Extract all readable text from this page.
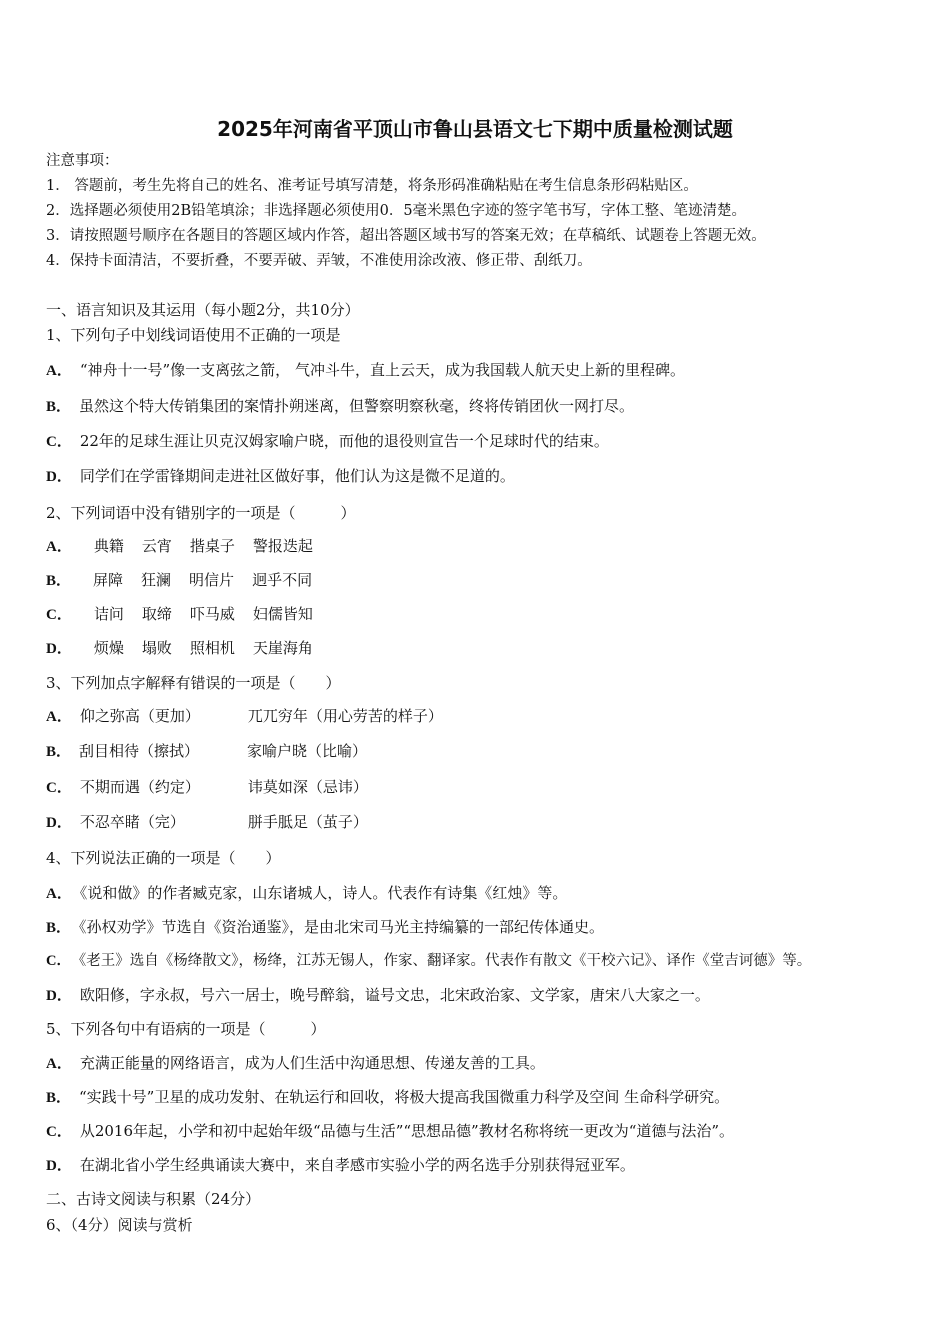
2025年河南省平顶山市鲁山县语文七下期中质量检测试题
注意事项：
1． 答题前，考生先将自己的姓名、准考证号填写清楚，将条形码准确粘贴在考生信息条形码粘贴区。
2．选择题必须使用2B铅笔填涂；非选择题必须使用0．5毫米黑色字迹的签字笔书写，字体工整、笔迹清楚。
3．请按照题号顺序在各题目的答题区域内作答，超出答题区域书写的答案无效；在草稿纸、试题卷上答题无效。
4．保持卡面清洁，不要折叠，不要弄破、弄皱，不准使用涂改液、修正带、刮纸刀。
一、语言知识及其运用（每小题2分，共10分）
1、下列句子中划线词语使用不正确的一项是
A． “神舟十一号”像一支离弦之箭， 气冲斗牛，直上云天，成为我国载人航天史上新的里程碑。
B． 虽然这个特大传销集团的案情扑朔迷离，但警察明察秋毫，终将传销团伙一网打尽。
C． 22年的足球生涯让贝克汉姆家喻户晓，而他的退役则宣告一个足球时代的结束。
D． 同学们在学雷锋期间走进社区做好事，他们认为这是微不足道的。
2、下列词语中没有错别字的一项是（　　　）
A． 典籍 云宵 揩桌子 警报迭起
B． 屏障 狂澜 明信片 迥乎不同
C． 诘问 取缔 吓马威 妇儒皆知
D． 烦燥 塌败 照相机 天崖海角
3、下列加点字解释有错误的一项是（　　）
A． 仰之弥高（更加）	兀兀穷年（用心劳苦的样子）
B． 刮目相待（擦拭）	家喻户晓（比喻）
C． 不期而遇（约定）	讳莫如深（忌讳）
D． 不忍卒睹（完）	胼手胝足（茧子）
4、下列说法正确的一项是（　　）
A． 《说和做》的作者臧克家，山东诸城人，诗人。代表作有诗集《红烛》等。
B． 《孙权劝学》节选自《资治通鉴》，是由北宋司马光主持编纂的一部纪传体通史。
C． 《老王》选自《杨绛散文》，杨绛，江苏无锡人，作家、翻译家。代表作有散文《干校六记》、译作《堂吉诃德》等。
D． 欧阳修，字永叔，号六一居士，晚号醉翁，谥号文忠，北宋政治家、文学家，唐宋八大家之一。
5、下列各句中有语病的一项是（　　　）
A． 充满正能量的网络语言，成为人们生活中沟通思想、传递友善的工具。
B． “实践十号”卫星的成功发射、在轨运行和回收，将极大提高我国微重力科学及空间 生命科学研究。
C． 从2016年起，小学和初中起始年级“品德与生活”“思想品德”教材名称将统一更改为“道德与法治”。
D． 在湖北省小学生经典诵读大赛中，来自孝感市实验小学的两名选手分别获得冠亚军。
二、古诗文阅读与积累（24分）
6、（4分）阅读与赏析
